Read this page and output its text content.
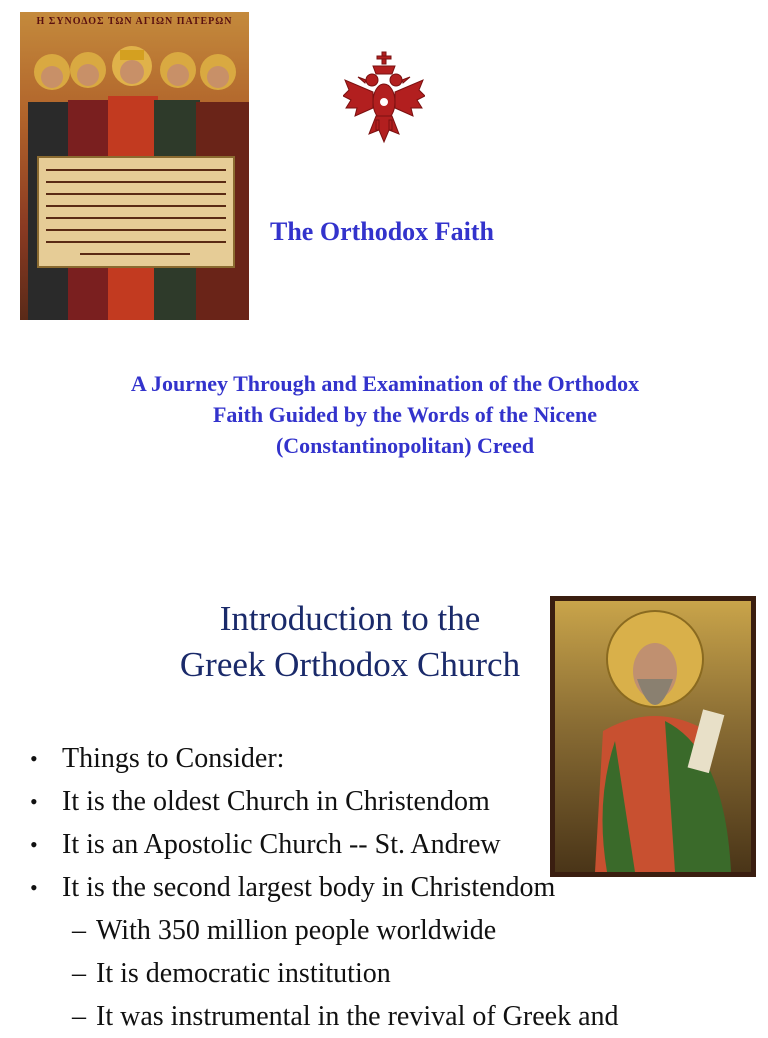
Η ΣΥΝΟΔΟΣ ΤΩΝ ΑΓΙΩΝ ΠΑΤΕΡΩΝ
The Orthodox Faith
A Journey Through and Examination of the Orthodox
Faith Guided by the Words of the Nicene
(Constantinopolitan) Creed
Introduction to the
Greek Orthodox Church
• Things to Consider:
• It is the oldest Church in Christendom
• It is an Apostolic Church -- St. Andrew
• It is the second largest body in Christendom
– With 350 million people worldwide
– It is democratic institution
– It was instrumental in the revival of Greek and
